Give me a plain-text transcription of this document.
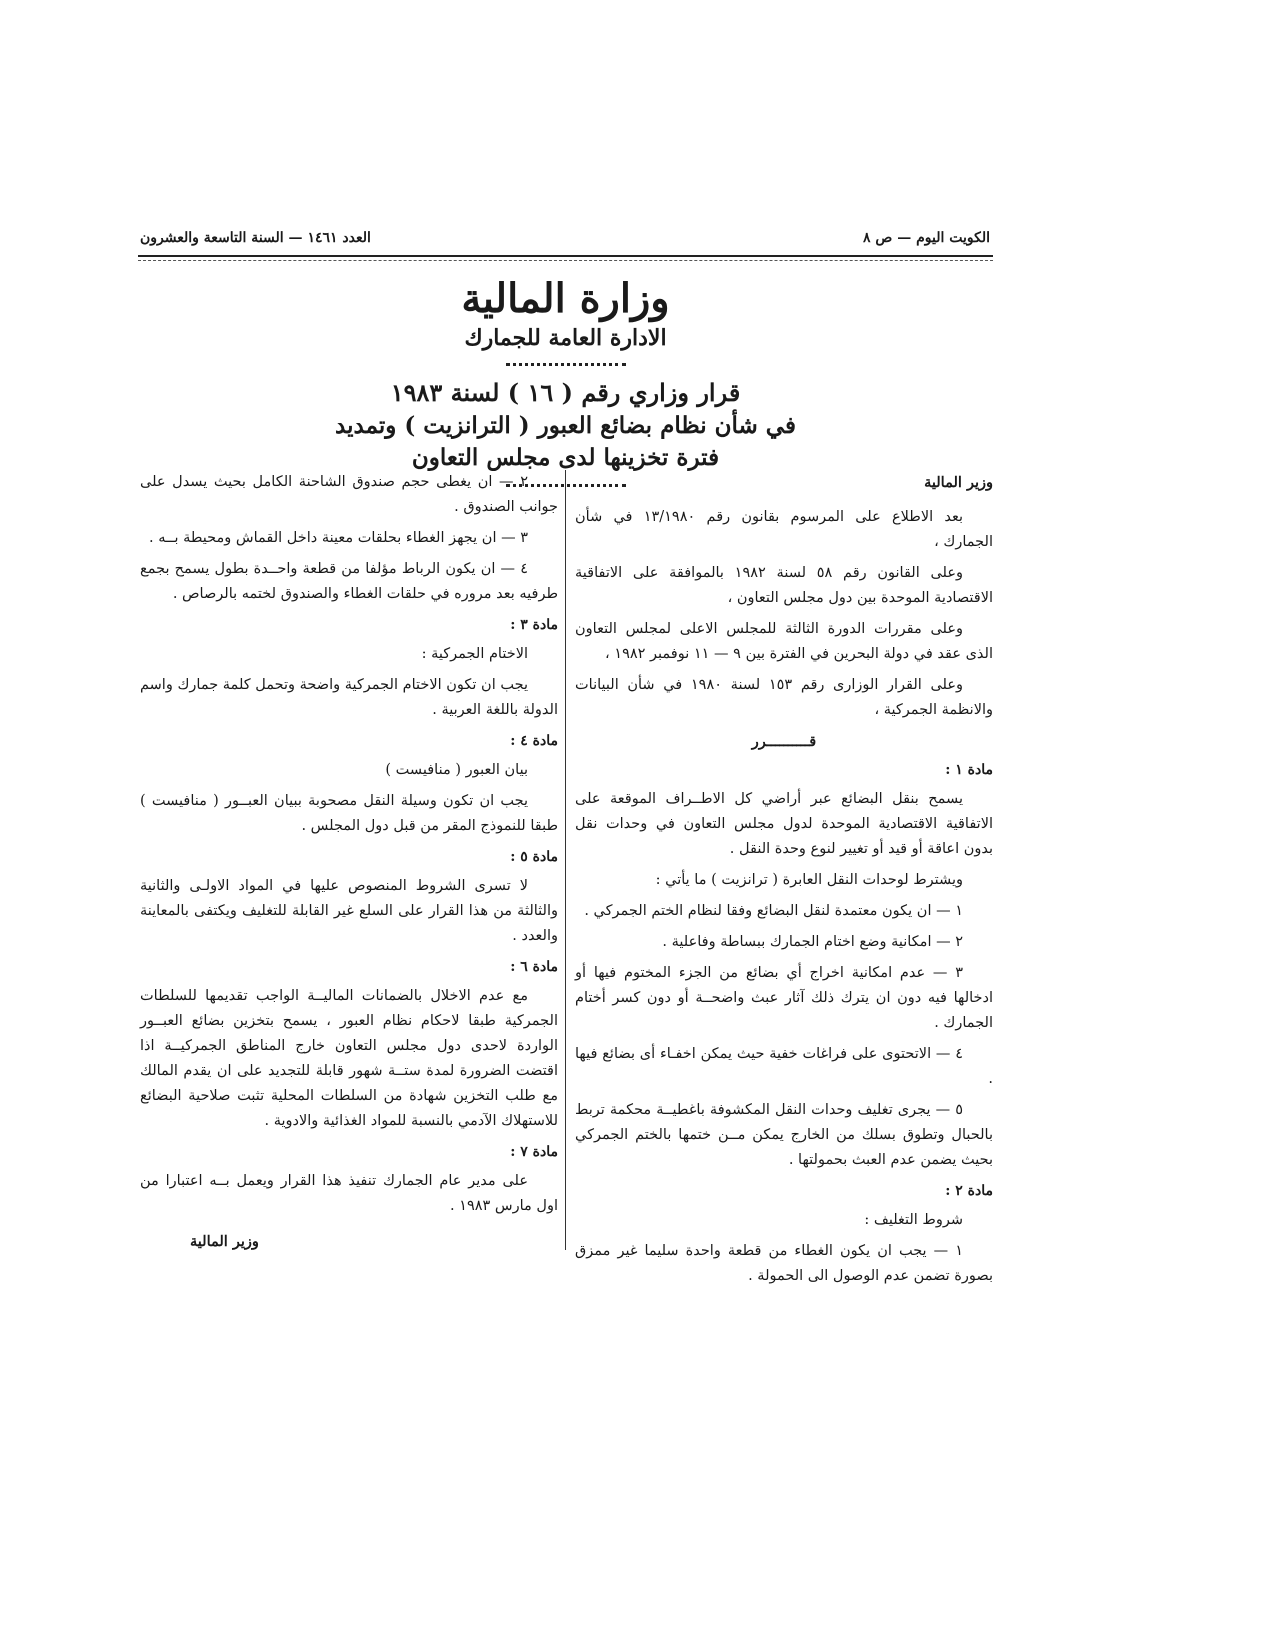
الكويت اليوم — ص ٨
العدد ١٤٦١ — السنة التاسعة والعشرون
وزارة المالية
الادارة العامة للجمارك
قرار وزاري رقم ( ١٦ ) لسنة ١٩٨٣
في شأن نظام بضائع العبور ( الترانزيت ) وتمديد
فترة تخزينها لدى مجلس التعاون

وزير المالية

بعد الاطلاع على المرسوم بقانون رقم ١٣/١٩٨٠ في شأن الجمارك ،

وعلى القانون رقم ٥٨ لسنة ١٩٨٢ بالموافقة على الاتفاقية الاقتصادية الموحدة بين دول مجلس التعاون ،

وعلى مقررات الدورة الثالثة للمجلس الاعلى لمجلس التعاون الذى عقد في دولة البحرين في الفترة بين ٩ — ١١ نوفمبر ١٩٨٢ ،

وعلى القرار الوزارى رقم ١٥٣ لسنة ١٩٨٠ في شأن البيانات والانظمة الجمركية ،

قــــــــــرر

مادة ١ :

يسمح بنقل البضائع عبر أراضي كل الاطــراف الموقعة على الاتفاقية الاقتصادية الموحدة لدول مجلس التعاون في وحدات نقل بدون اعاقة أو قيد أو تغيير لنوع وحدة النقل .

ويشترط لوحدات النقل العابرة ( ترانزيت ) ما يأتي :

١ — ان يكون معتمدة لنقل البضائع وفقا لنظام الختم الجمركي .

٢ — امكانية وضع اختام الجمارك ببساطة وفاعلية .

٣ — عدم امكانية اخراج أي بضائع من الجزء المختوم فيها أو ادخالها فيه دون ان يترك ذلك آثار عبث واضحــة أو دون كسر أختام الجمارك .

٤ — الاتحتوى على فراغات خفية حيث يمكن اخفـاء أى بضائع فيها .

٥ — يجرى تغليف وحدات النقل المكشوفة باغطيــة محكمة تربط بالحبال وتطوق بسلك من الخارج يمكن مــن ختمها بالختم الجمركي بحيث يضمن عدم العبث بحمولتها .

مادة ٢ :

شروط التغليف :

١ — يجب ان يكون الغطاء من قطعة واحدة سليما غير ممزق بصورة تضمن عدم الوصول الى الحمولة .

٢ — ان يغطى حجم صندوق الشاحنة الكامل بحيث يسدل على جوانب الصندوق .

٣ — ان يجهز الغطاء بحلقات معينة داخل القماش ومحيطة بــه .

٤ — ان يكون الرباط مؤلفا من قطعة واحــدة بطول يسمح بجمع طرفيه بعد مروره في حلقات الغطاء والصندوق لختمه بالرصاص .

مادة ٣ :

الاختام الجمركية :

يجب ان تكون الاختام الجمركية واضحة وتحمل كلمة جمارك واسم الدولة باللغة العربية .

مادة ٤ :

بيان العبور ( منافيست )

يجب ان تكون وسيلة النقل مصحوبة ببيان العبــور ( منافيست ) طبقا للنموذج المقر من قبل دول المجلس .

مادة ٥ :

لا تسرى الشروط المنصوص عليها في المواد الاولـى والثانية والثالثة من هذا القرار على السلع غير القابلة للتغليف ويكتفى بالمعاينة والعدد .

مادة ٦ :

مع عدم الاخلال بالضمانات الماليــة الواجب تقديمها للسلطات الجمركية طبقا لاحكام نظام العبور ، يسمح بتخزين بضائع العبــور الواردة لاحدى دول مجلس التعاون خارج المناطق الجمركيــة اذا اقتضت الضرورة لمدة ستــة شهور قابلة للتجديد على ان يقدم المالك مع طلب التخزين شهادة من السلطات المحلية تثبت صلاحية البضائع للاستهلاك الآدمي بالنسبة للمواد الغذائية والادوية .

مادة ٧ :

على مدير عام الجمارك تنفيذ هذا القرار ويعمل بــه اعتبارا من اول مارس ١٩٨٣ .

وزير المالية
